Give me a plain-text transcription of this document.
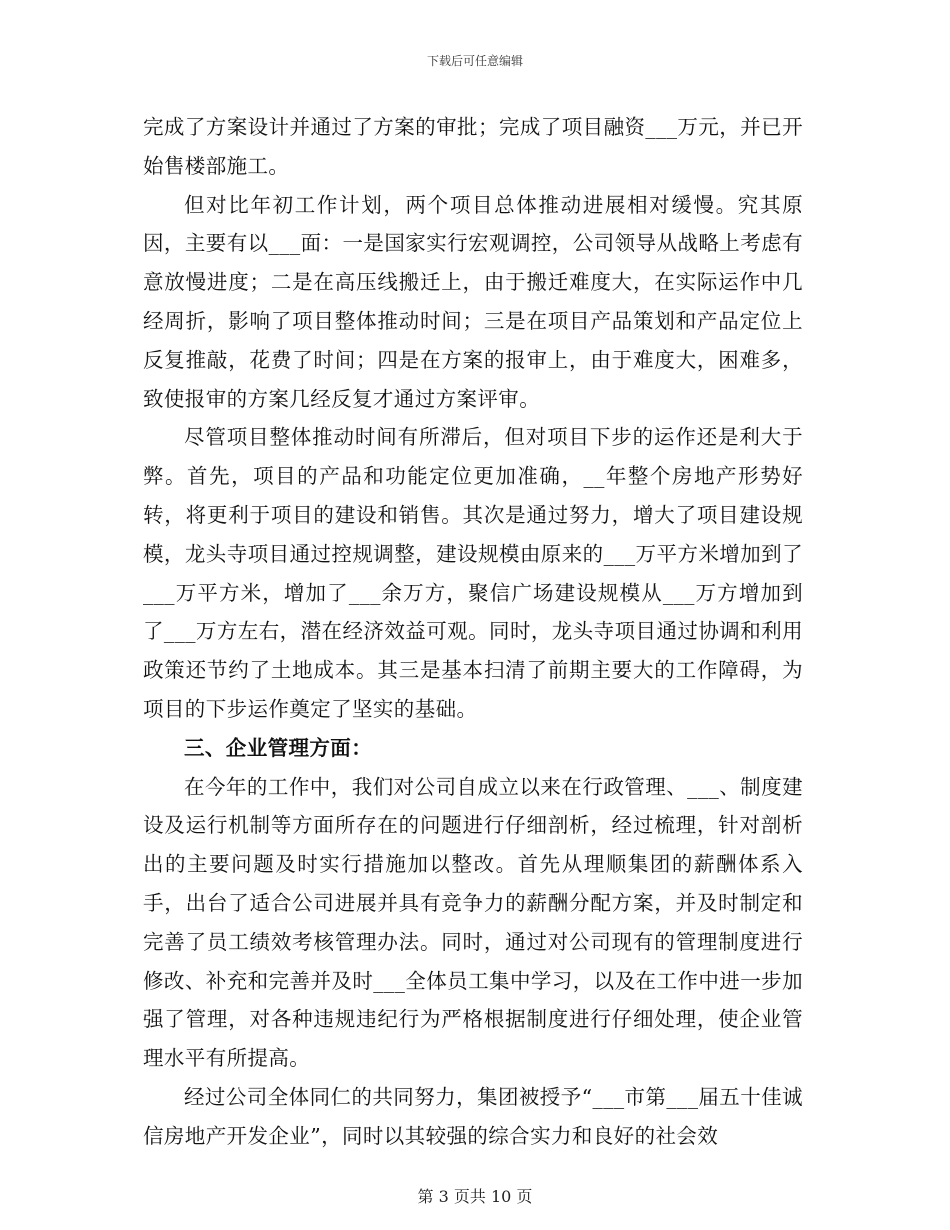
下载后可任意编辑

完成了方案设计并通过了方案的审批；完成了项目融资___万元，并已开始售楼部施工。

但对比年初工作计划，两个项目总体推动进展相对缓慢。究其原因，主要有以___面：一是国家实行宏观调控，公司领导从战略上考虑有意放慢进度；二是在高压线搬迁上，由于搬迁难度大，在实际运作中几经周折，影响了项目整体推动时间；三是在项目产品策划和产品定位上反复推敲，花费了时间；四是在方案的报审上，由于难度大，困难多，致使报审的方案几经反复才通过方案评审。

尽管项目整体推动时间有所滞后，但对项目下步的运作还是利大于弊。首先，项目的产品和功能定位更加准确，__年整个房地产形势好转，将更利于项目的建设和销售。其次是通过努力，增大了项目建设规模，龙头寺项目通过控规调整，建设规模由原来的___万平方米增加到了___万平方米，增加了___余万方，聚信广场建设规模从___万方增加到了___万方左右，潜在经济效益可观。同时，龙头寺项目通过协调和利用政策还节约了土地成本。其三是基本扫清了前期主要大的工作障碍，为项目的下步运作奠定了坚实的基础。

三、企业管理方面：

在今年的工作中，我们对公司自成立以来在行政管理、___、制度建设及运行机制等方面所存在的问题进行仔细剖析，经过梳理，针对剖析出的主要问题及时实行措施加以整改。首先从理顺集团的薪酬体系入手，出台了适合公司进展并具有竞争力的薪酬分配方案，并及时制定和完善了员工绩效考核管理办法。同时，通过对公司现有的管理制度进行修改、补充和完善并及时___全体员工集中学习，以及在工作中进一步加强了管理，对各种违规违纪行为严格根据制度进行仔细处理，使企业管理水平有所提高。

经过公司全体同仁的共同努力，集团被授予“___市第___届五十佳诚信房地产开发企业”，同时以其较强的综合实力和良好的社会效

第 3 页共 10 页
